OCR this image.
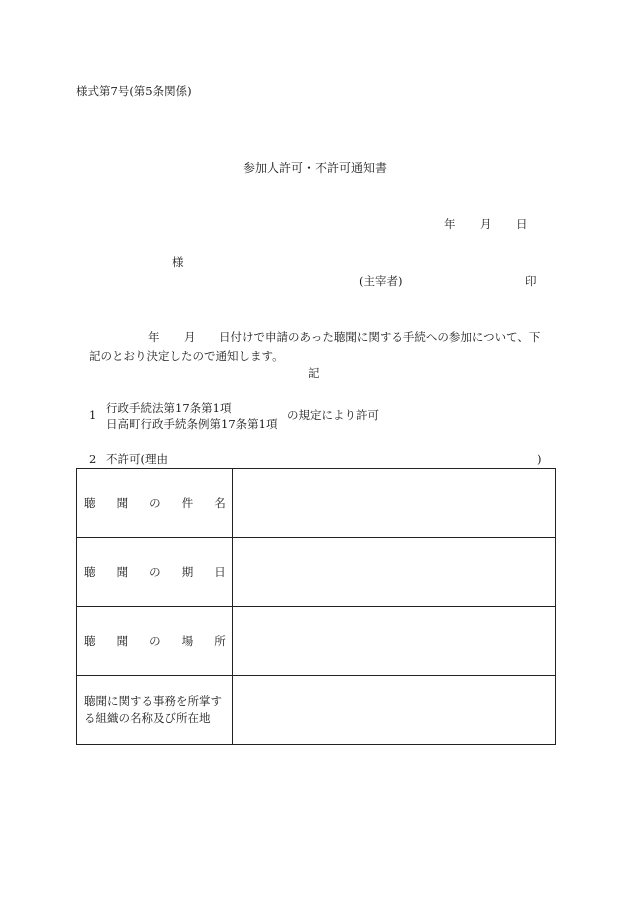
様式第7号(第5条関係)
参加人許可・不許可通知書
年 月 日
様
(主宰者)	印
年 月 日付けで申請のあった聴聞に関する手続への参加について、下
記のとおり決定したので通知します。
記
1 行政手続法第17条第1項
日高町行政手続条例第17条第1項
の規定により許可
2 不許可(理由	)
聴 聞 の 件 名	

聴 聞 の 期 日	

聴 聞 の 場 所	

聴聞に関する事務を所掌す
る組織の名称及び所在地	
